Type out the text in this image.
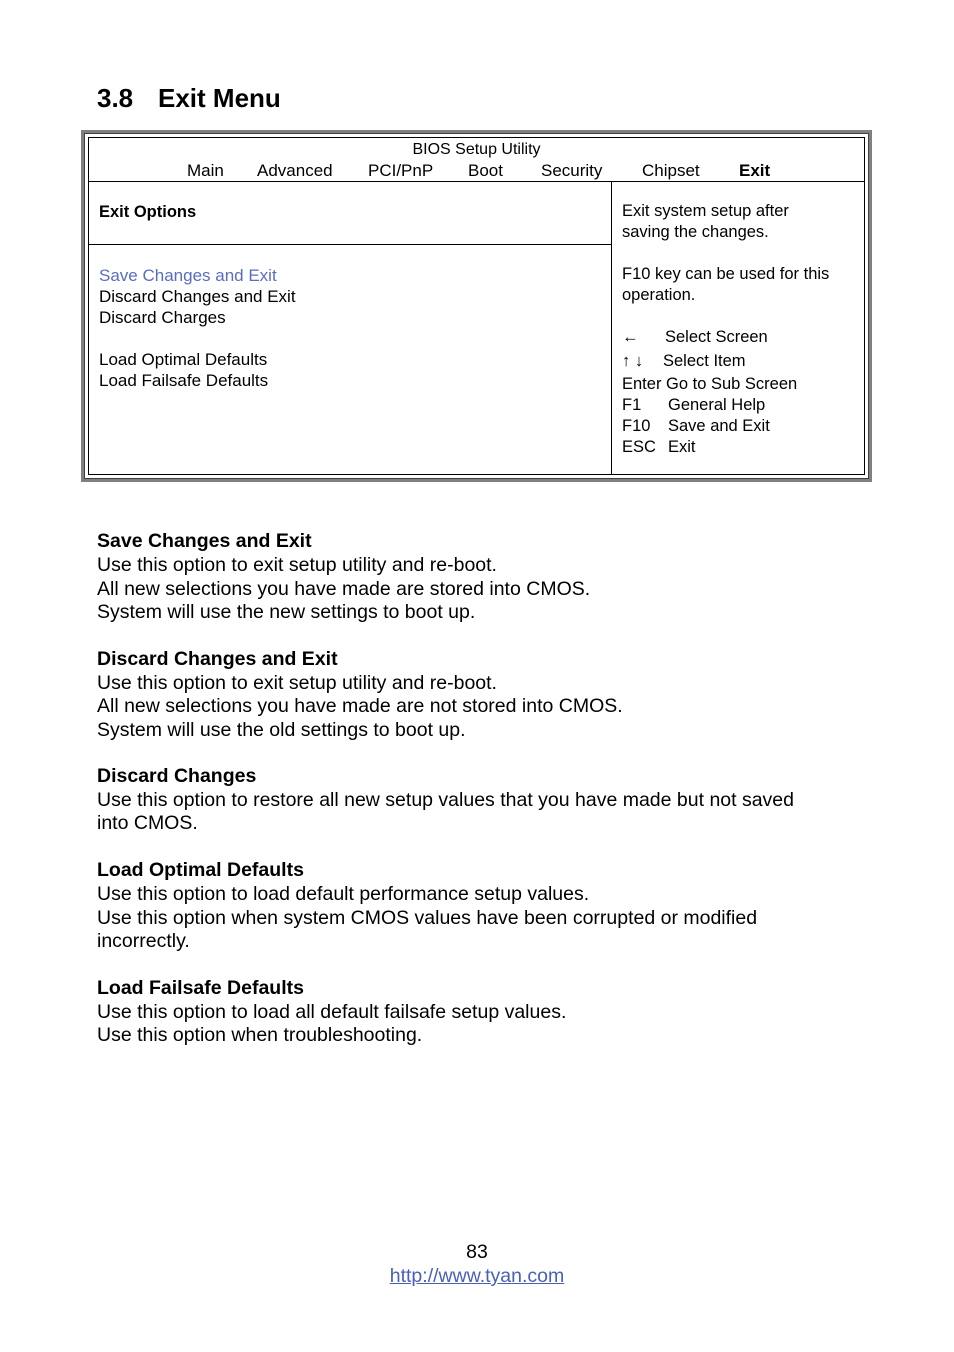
3.8 Exit Menu
BIOS Setup Utility
Main Advanced PCI/PnP Boot Security Chipset Exit
Exit Options
Save Changes and Exit
Discard Changes and Exit
Discard Charges
Load Optimal Defaults
Load Failsafe Defaults
Exit system setup after
saving the changes.
F10 key can be used for this
operation.
← Select Screen
↑ ↓ Select Item
Enter Go to Sub Screen
F1 General Help
F10 Save and Exit
ESC Exit
Save Changes and Exit
Use this option to exit setup utility and re-boot.
All new selections you have made are stored into CMOS.
System will use the new settings to boot up.
Discard Changes and Exit
Use this option to exit setup utility and re-boot.
All new selections you have made are not stored into CMOS.
System will use the old settings to boot up.
Discard Changes
Use this option to restore all new setup values that you have made but not saved
into CMOS.
Load Optimal Defaults
Use this option to load default performance setup values.
Use this option when system CMOS values have been corrupted or modified
incorrectly.
Load Failsafe Defaults
Use this option to load all default failsafe setup values.
Use this option when troubleshooting.
83
http://www.tyan.com
